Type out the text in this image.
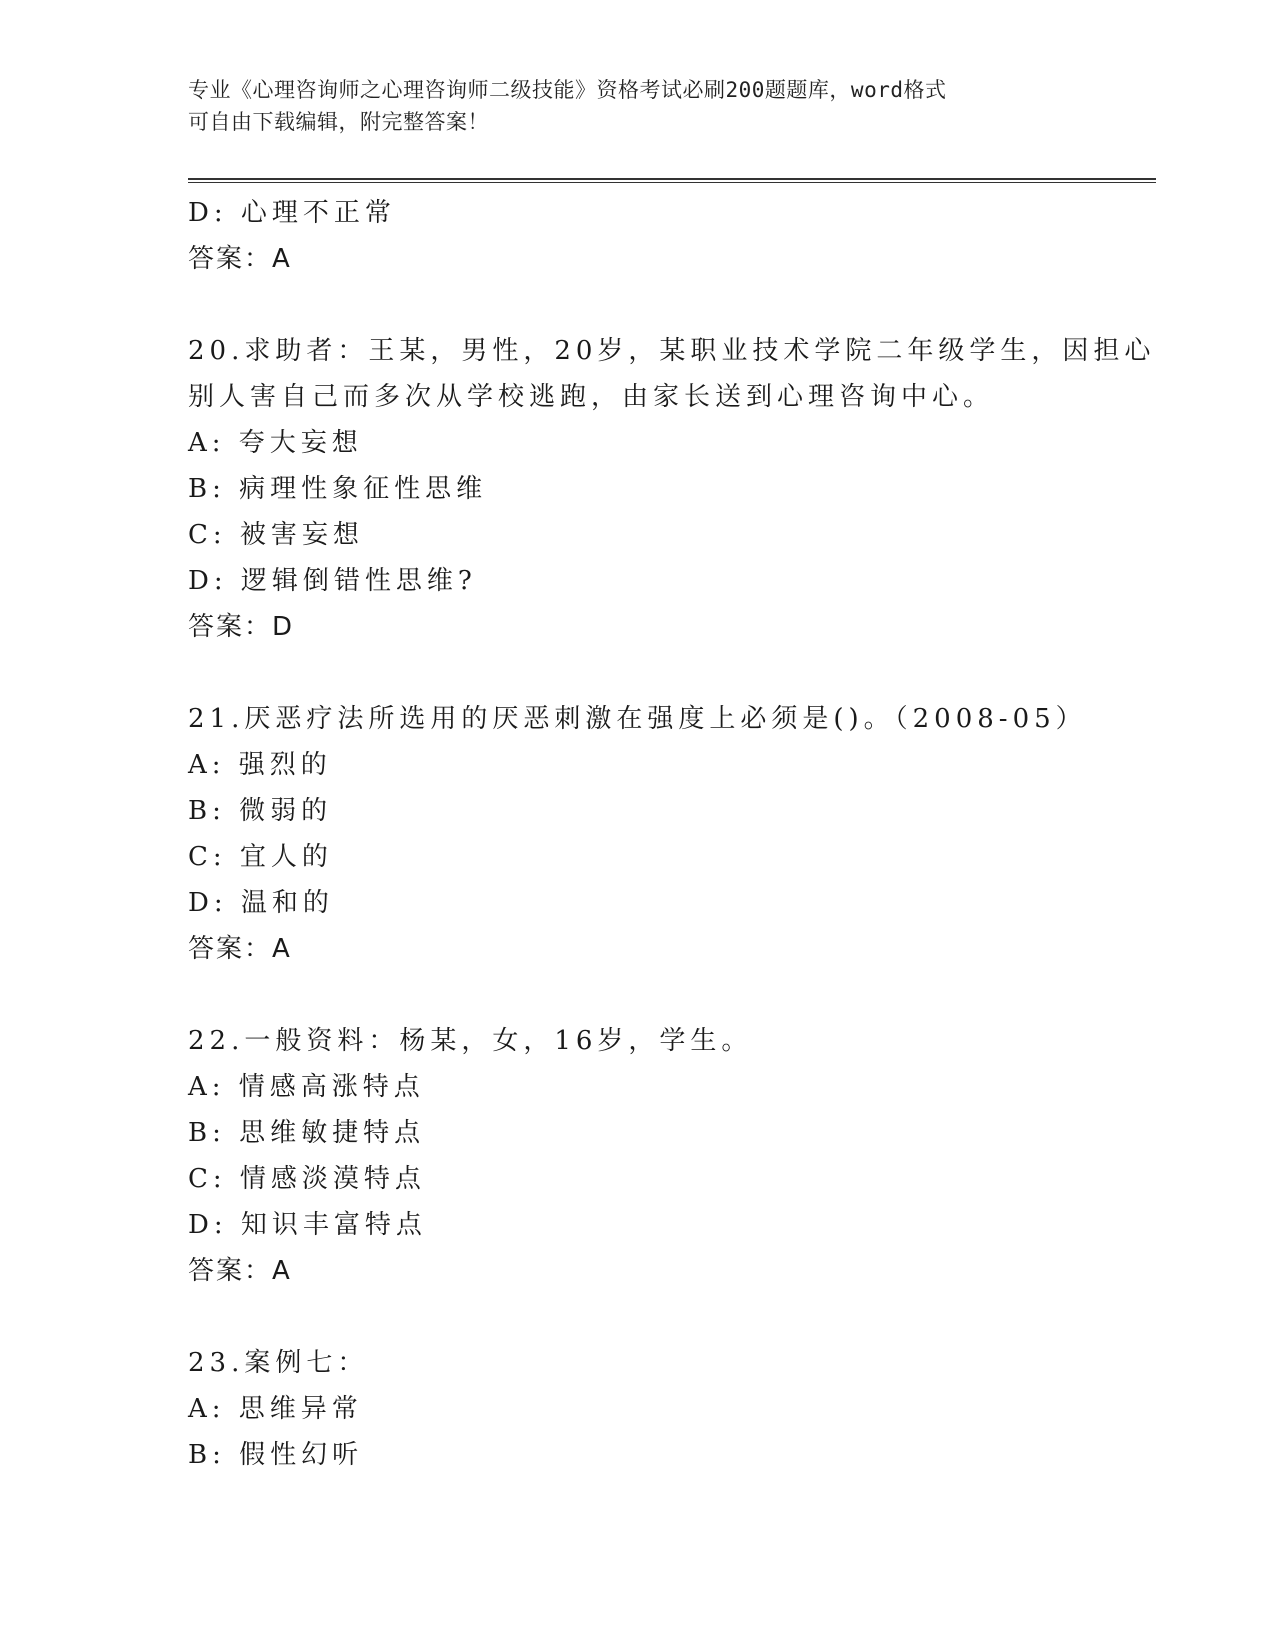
专业《心理咨询师之心理咨询师二级技能》资格考试必刷200题题库，word格式
可自由下载编辑，附完整答案！
D: 心理不正常
答案：A
20.求助者：王某，男性，20岁，某职业技术学院二年级学生，因担心
别人害自己而多次从学校逃跑，由家长送到心理咨询中心。
A: 夸大妄想
B: 病理性象征性思维
C: 被害妄想
D: 逻辑倒错性思维?
答案：D
21.厌恶疗法所选用的厌恶刺激在强度上必须是()。（2008-05）
A: 强烈的
B: 微弱的
C: 宜人的
D: 温和的
答案：A
22.一般资料：杨某，女，16岁，学生。
A: 情感高涨特点
B: 思维敏捷特点
C: 情感淡漠特点
D: 知识丰富特点
答案：A
23.案例七：
A: 思维异常
B: 假性幻听
